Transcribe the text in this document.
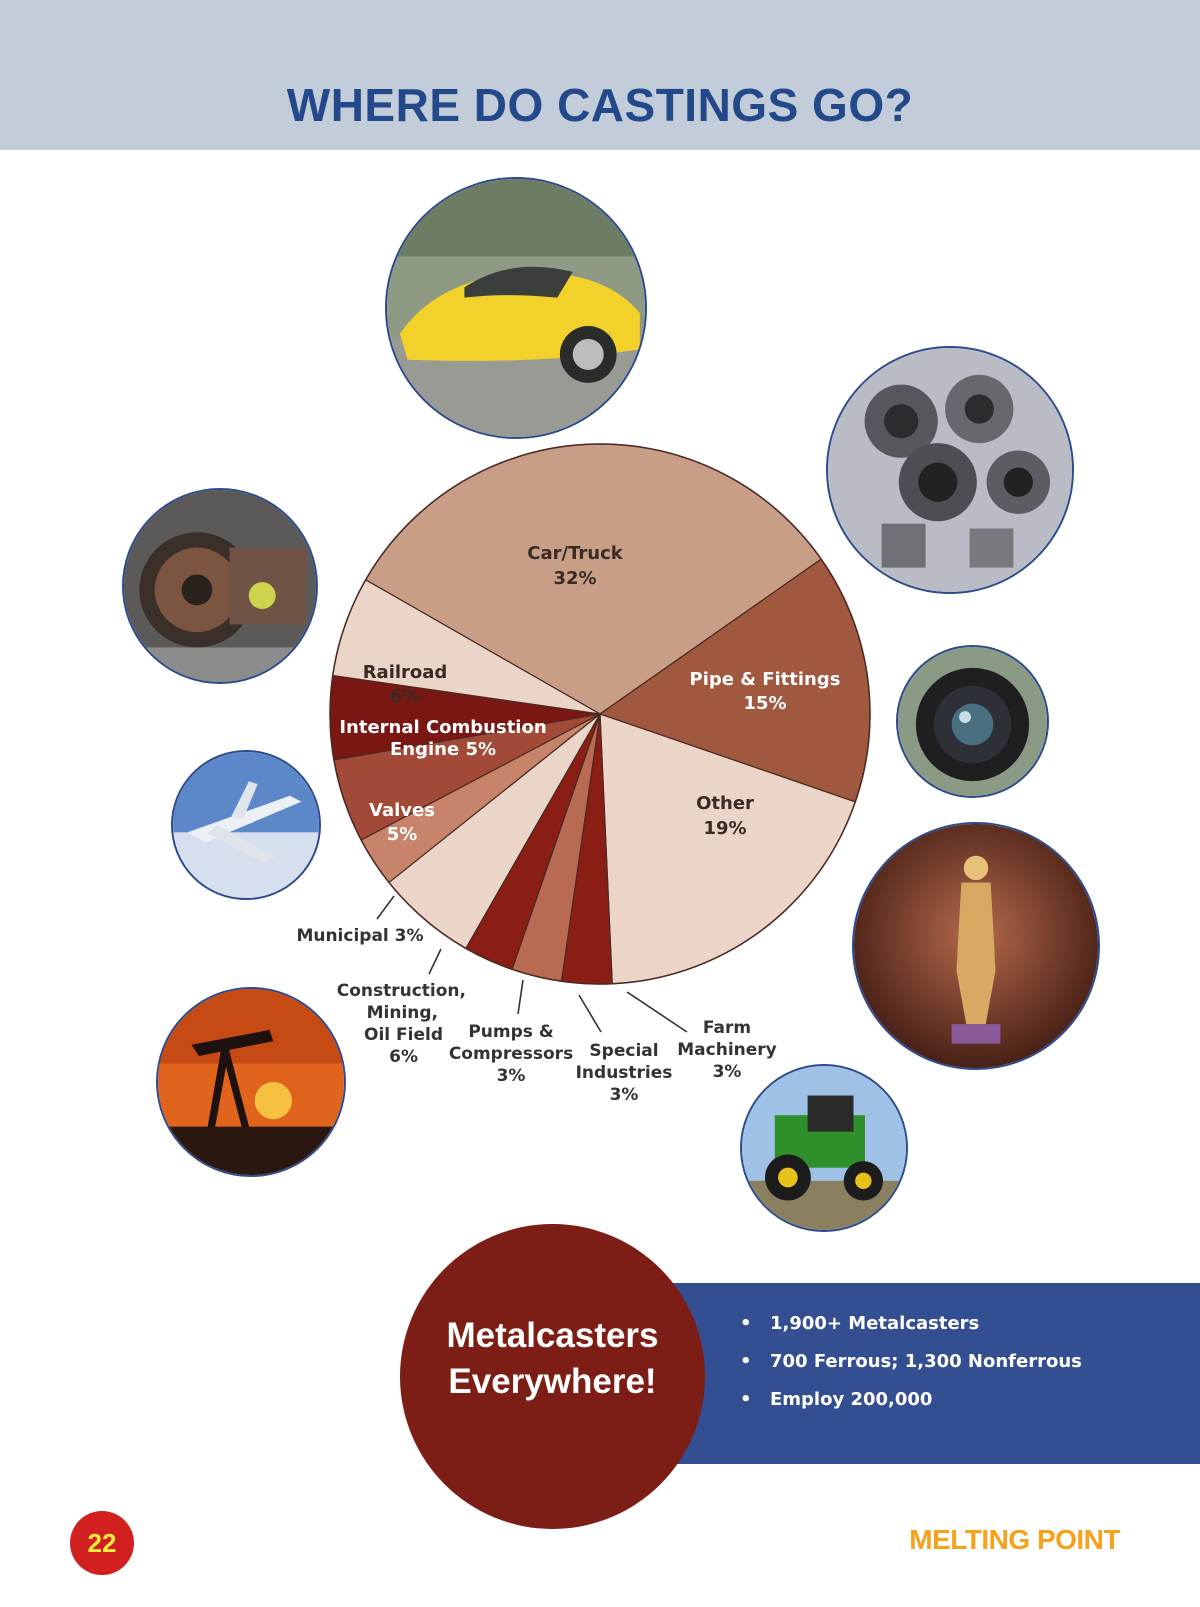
WHERE DO CASTINGS GO?
Car/Truck
32%
Pipe & Fittings
15%
Other
19%
Railroad
6%
Internal Combustion
Engine 5%
Valves
5%
Municipal 3%
Construction,
Mining,
Oil Field
6%
Pumps &
Compressors
3%
Special
Industries
3%
Farm
Machinery
3%
• 1,900+ Metalcasters
• 700 Ferrous; 1,300 Nonferrous
• Employ 200,000
Metalcasters
Everywhere!
22	MELTING POINT
